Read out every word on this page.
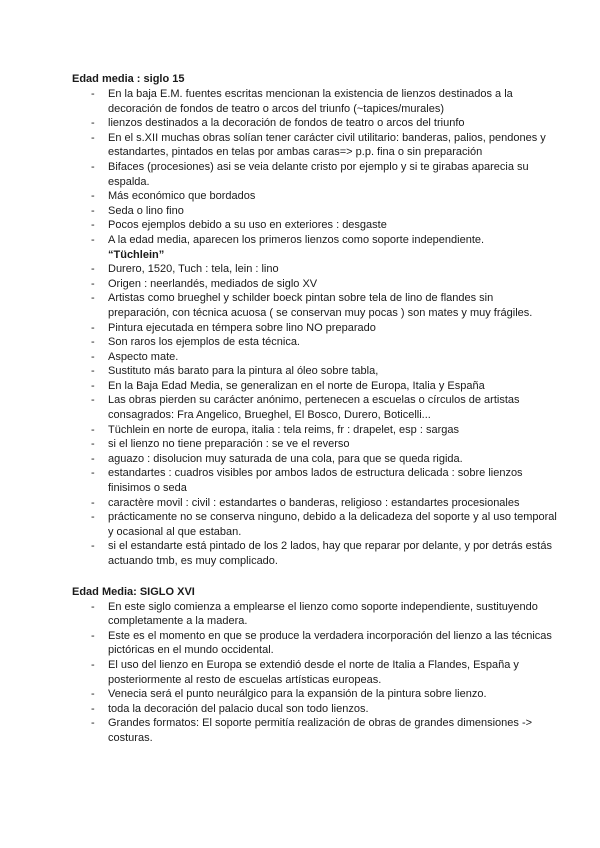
Edad media : siglo 15
- En la baja E.M. fuentes escritas mencionan la existencia de lienzos destinados a la decoración de fondos de teatro o arcos del triunfo (~tapices/murales)
- lienzos destinados a la decoración de fondos de teatro o arcos del triunfo
- En el s.XII muchas obras solían tener carácter civil utilitario: banderas, palios, pendones y estandartes, pintados en telas por ambas caras=> p.p. fina o sin preparación
- Bifaces (procesiones) asi se veia delante cristo por ejemplo y si te girabas aparecia su espalda.
- Más económico que bordados
- Seda o lino fino
- Pocos ejemplos debido a su uso en exteriores : desgaste
- A la edad media, aparecen los primeros lienzos como soporte independiente.
“Tüchlein”
- Durero, 1520, Tuch : tela, lein : lino
- Origen : neerlandés, mediados de siglo XV
- Artistas como brueghel y schilder boeck pintan sobre tela de lino de flandes sin preparación, con técnica acuosa ( se conservan muy pocas ) son mates y muy frágiles.
- Pintura ejecutada en témpera sobre lino NO preparado
- Son raros los ejemplos de esta técnica.
- Aspecto mate.
- Sustituto más barato para la pintura al óleo sobre tabla,
- En la Baja Edad Media, se generalizan en el norte de Europa, Italia y España
- Las obras pierden su carácter anónimo, pertenecen a escuelas o círculos de artistas consagrados: Fra Angelico, Brueghel, El Bosco, Durero, Boticelli...
- Tüchlein en norte de europa, italia : tela reims, fr : drapelet, esp : sargas
- si el lienzo no tiene preparación : se ve el reverso
- aguazo : disolucion muy saturada de una cola, para que se queda rigida.
- estandartes : cuadros visibles por ambos lados de estructura delicada : sobre lienzos finisimos o seda
- caractère movil : civil : estandartes o banderas, religioso : estandartes procesionales
- prácticamente no se conserva ninguno, debido a la delicadeza del soporte y al uso temporal y ocasional al que estaban.
- si el estandarte está pintado de los 2 lados, hay que reparar por delante, y por detrás estás actuando tmb, es muy complicado.
Edad Media: SIGLO XVI
- En este siglo comienza a emplearse el lienzo como soporte independiente, sustituyendo completamente a la madera.
- Este es el momento en que se produce la verdadera incorporación del lienzo a las técnicas pictóricas en el mundo occidental.
- El uso del lienzo en Europa se extendió desde el norte de Italia a Flandes, España y posteriormente al resto de escuelas artísticas europeas.
- Venecia será el punto neurálgico para la expansión de la pintura sobre lienzo.
- toda la decoración del palacio ducal son todo lienzos.
- Grandes formatos: El soporte permitía realización de obras de grandes dimensiones -> costuras.
